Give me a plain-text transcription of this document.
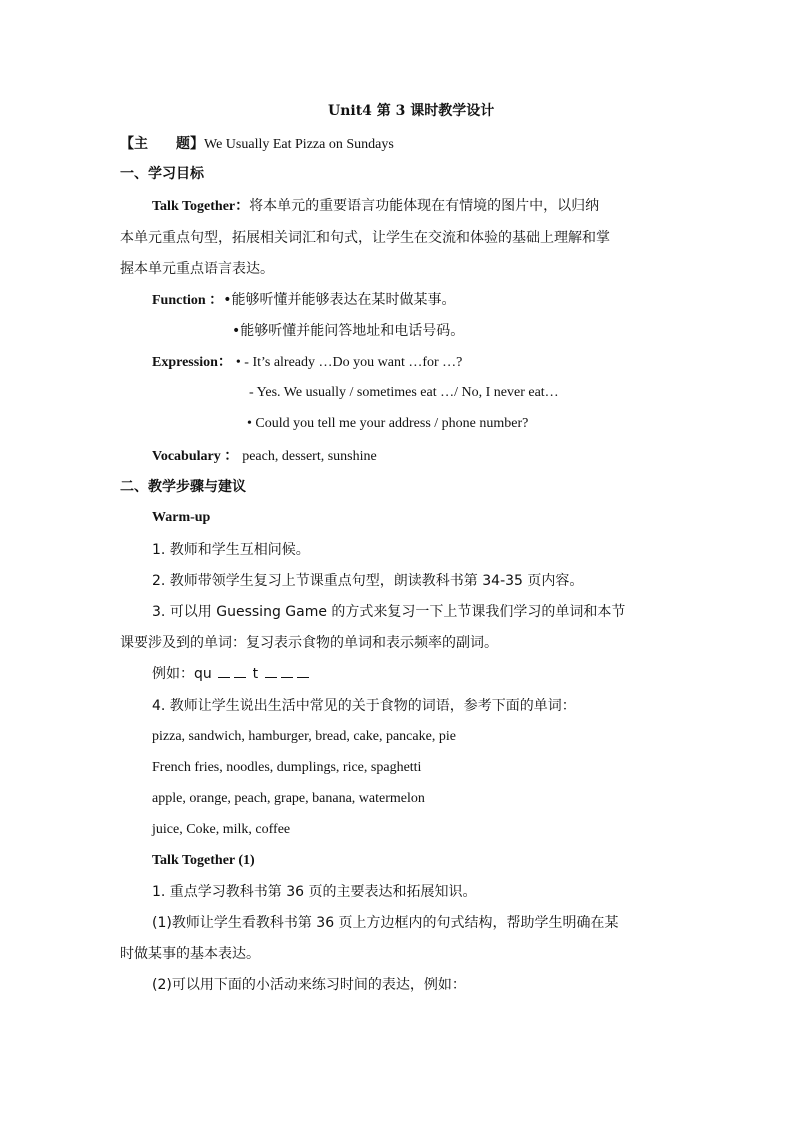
Unit4 第 3 课时教学设计
【主　　题】We Usually Eat Pizza on Sundays
一、学习目标
Talk Together：将本单元的重要语言功能体现在有情境的图片中，以归纳
本单元重点句型，拓展相关词汇和句式，让学生在交流和体验的基础上理解和掌
握本单元重点语言表达。
Function ：•能够听懂并能够表达在某时做某事。
•能够听懂并能问答地址和电话号码。
Expression： • - It’s already …Do you want …for …?
- Yes. We usually / sometimes eat …/ No, I never eat…
• Could you tell me your address / phone number?
Vocabulary ： peach, dessert, sunshine
二、教学步骤与建议
Warm-up
1. 教师和学生互相问候。
2. 教师带领学生复习上节课重点句型，朗读教科书第 34-35 页内容。
3. 可以用 Guessing Game 的方式来复习一下上节课我们学习的单词和本节
课要涉及到的单词：复习表示食物的单词和表示频率的副词。
例如：qu	t
4. 教师让学生说出生活中常见的关于食物的词语，参考下面的单词：
pizza, sandwich, hamburger, bread, cake, pancake, pie
French fries, noodles, dumplings, rice, spaghetti
apple, orange, peach, grape, banana, watermelon
juice, Coke, milk, coffee
Talk Together (1)
1. 重点学习教科书第 36 页的主要表达和拓展知识。
(1)教师让学生看教科书第 36 页上方边框内的句式结构，帮助学生明确在某
时做某事的基本表达。
(2)可以用下面的小活动来练习时间的表达，例如：
